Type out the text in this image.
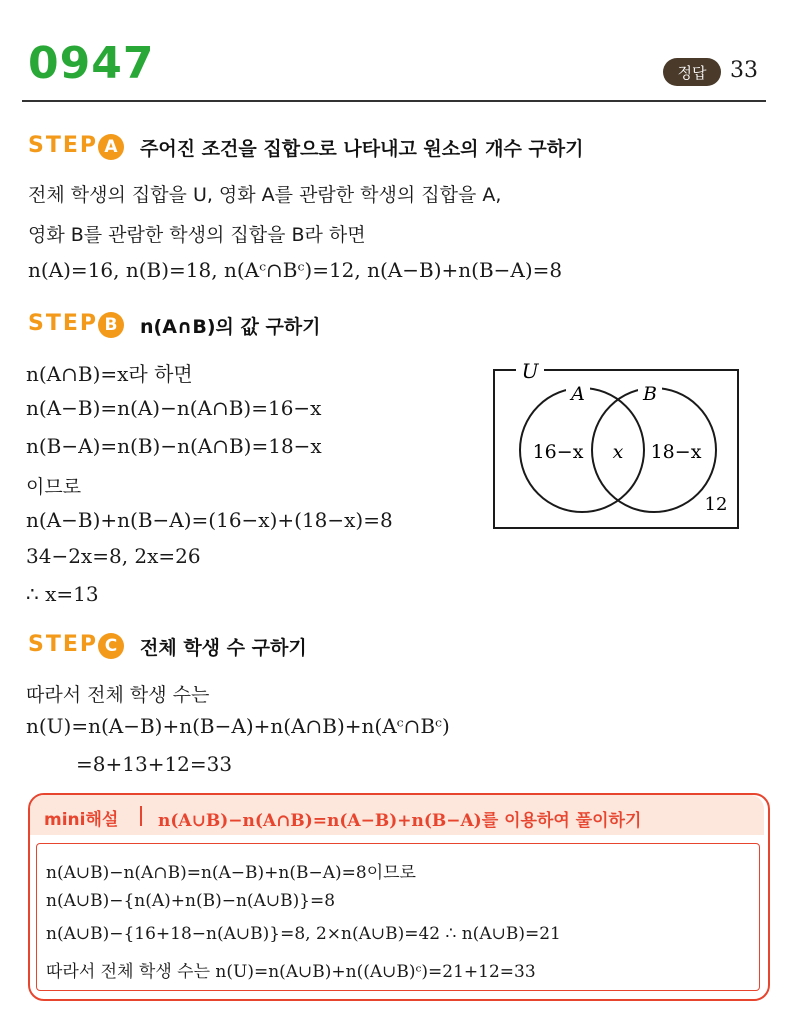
0947	정답	33
STEP A	주어진 조건을 집합으로 나타내고 원소의 개수 구하기
전체 학생의 집합을 U, 영화 A를 관람한 학생의 집합을 A,
영화 B를 관람한 학생의 집합을 B라 하면
n(A)=16, n(B)=18, n(Aᶜ∩Bᶜ)=12, n(A−B)+n(B−A)=8
STEP B	n(A∩B)의 값 구하기
n(A∩B)=x라 하면
n(A−B)=n(A)−n(A∩B)=16−x
n(B−A)=n(B)−n(A∩B)=18−x
이므로
n(A−B)+n(B−A)=(16−x)+(18−x)=8
34−2x=8, 2x=26
∴ x=13
U
A	B
16−x x 18−x
12
STEP C	전체 학생 수 구하기
따라서 전체 학생 수는
n(U)=n(A−B)+n(B−A)+n(A∩B)+n(Aᶜ∩Bᶜ)
=8+13+12=33
mini해설 n(A∪B)−n(A∩B)=n(A−B)+n(B−A)를 이용하여 풀이하기
n(A∪B)−n(A∩B)=n(A−B)+n(B−A)=8이므로
n(A∪B)−{n(A)+n(B)−n(A∪B)}=8
n(A∪B)−{16+18−n(A∪B)}=8, 2×n(A∪B)=42 ∴ n(A∪B)=21
따라서 전체 학생 수는 n(U)=n(A∪B)+n((A∪B)ᶜ)=21+12=33
